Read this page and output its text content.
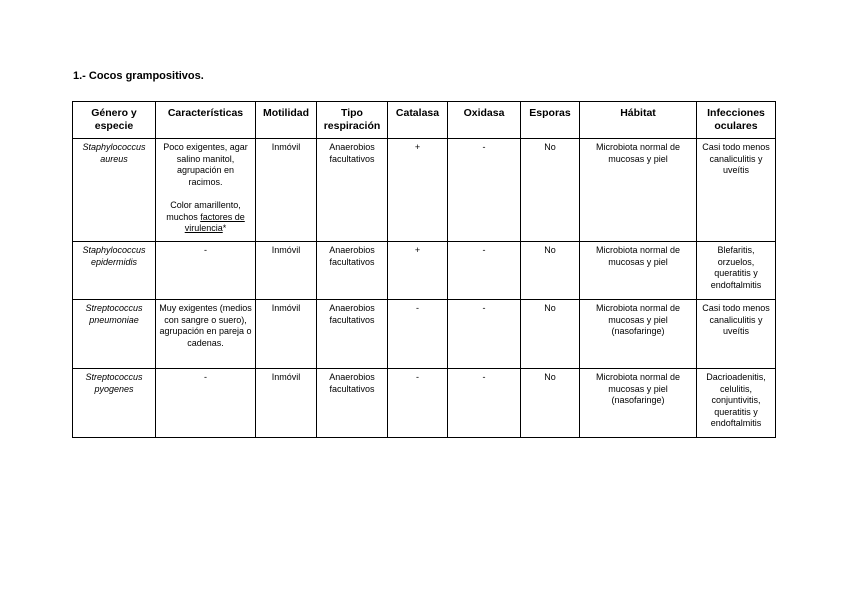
1.- Cocos grampositivos.
Género y especie	Características	Motilidad	Tipo respiración	Catalasa	Oxidasa	Esporas	Hábitat	Infecciones oculares
Staphylococcus aureus	Poco exigentes, agar salino manitol, agrupación en racimos.
Color amarillento, muchos factores de virulencia*	Inmóvil	Anaerobios facultativos	+	-	No	Microbiota normal de mucosas y piel	Casi todo menos canaliculitis y uveítis
Staphylococcus epidermidis	-	Inmóvil	Anaerobios facultativos	+	-	No	Microbiota normal de mucosas y piel	Blefaritis, orzuelos, queratitis y endoftalmitis
Streptococcus pneumoniae	Muy exigentes (medios con sangre o suero), agrupación en pareja o cadenas.	Inmóvil	Anaerobios facultativos	-	-	No	Microbiota normal de mucosas y piel (nasofaringe)	Casi todo menos canaliculitis y uveítis
Streptococcus pyogenes	-	Inmóvil	Anaerobios facultativos	-	-	No	Microbiota normal de mucosas y piel (nasofaringe)	Dacrioadenitis, celulitis, conjuntivitis, queratitis y endoftalmitis
